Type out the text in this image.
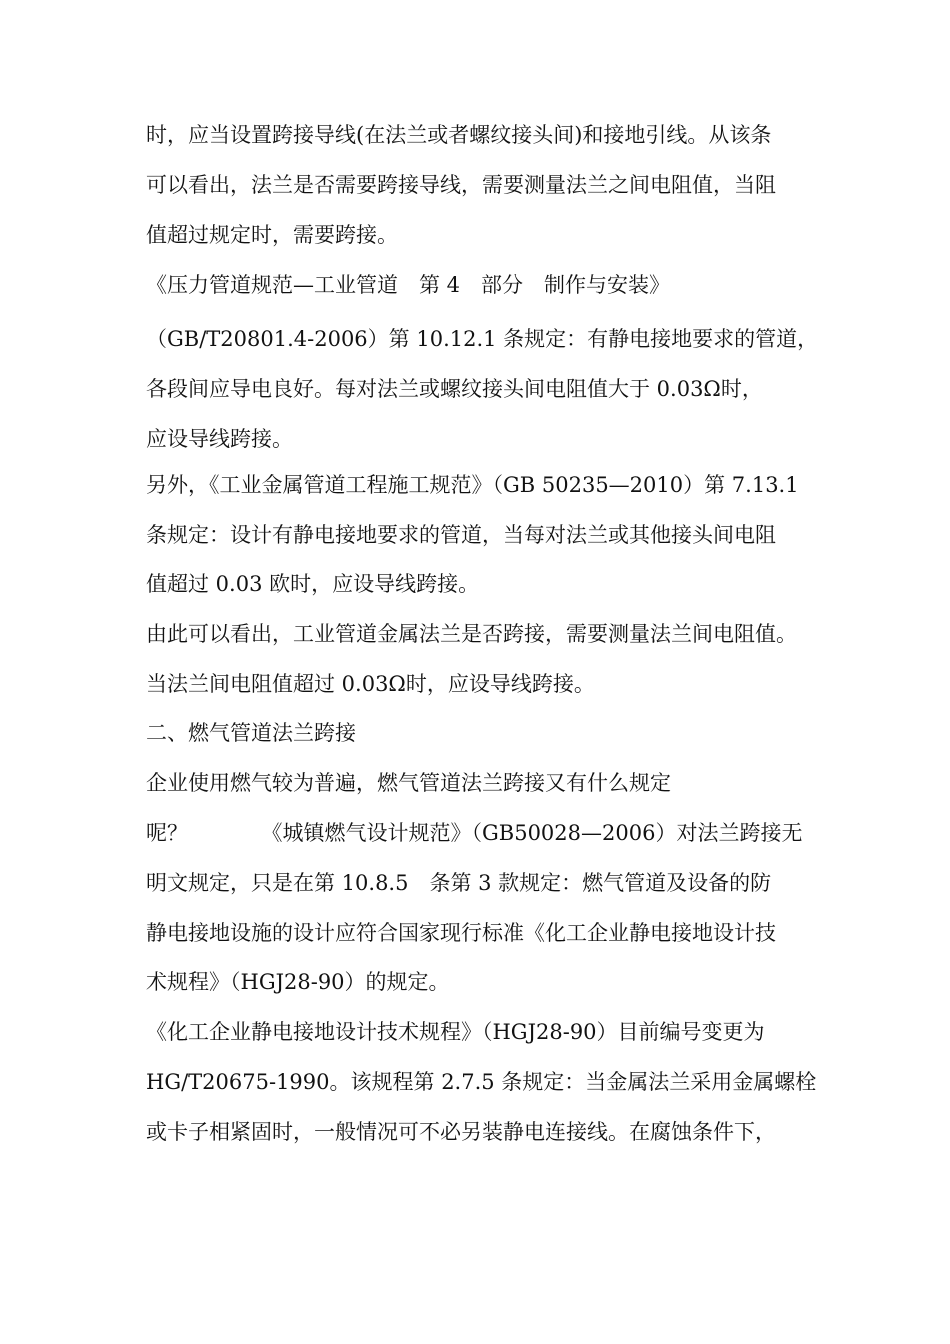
时，应当设置跨接导线(在法兰或者螺纹接头间)和接地引线。从该条
可以看出，法兰是否需要跨接导线，需要测量法兰之间电阻值，当阻
值超过规定时，需要跨接。
《压力管道规范—工业管道　第 4　部分　制作与安装》
（GB/T20801.4-2006）第 10.12.1 条规定：有静电接地要求的管道，
各段间应导电良好。每对法兰或螺纹接头间电阻值大于 0.03Ω时，
应设导线跨接。
另外，《工业金属管道工程施工规范》（GB 50235—2010）第 7.13.1
条规定：设计有静电接地要求的管道，当每对法兰或其他接头间电阻
值超过 0.03 欧时，应设导线跨接。
由此可以看出，工业管道金属法兰是否跨接，需要测量法兰间电阻值。
当法兰间电阻值超过 0.03Ω时，应设导线跨接。
二、燃气管道法兰跨接
企业使用燃气较为普遍，燃气管道法兰跨接又有什么规定
呢？　　　　《城镇燃气设计规范》（GB50028—2006）对法兰跨接无
明文规定，只是在第 10.8.5　条第 3 款规定：燃气管道及设备的防
静电接地设施的设计应符合国家现行标准《化工企业静电接地设计技
术规程》（HGJ28-90）的规定。
《化工企业静电接地设计技术规程》（HGJ28-90）目前编号变更为
HG/T20675-1990。该规程第 2.7.5 条规定：当金属法兰采用金属螺栓
或卡子相紧固时，一般情况可不必另装静电连接线。在腐蚀条件下，
